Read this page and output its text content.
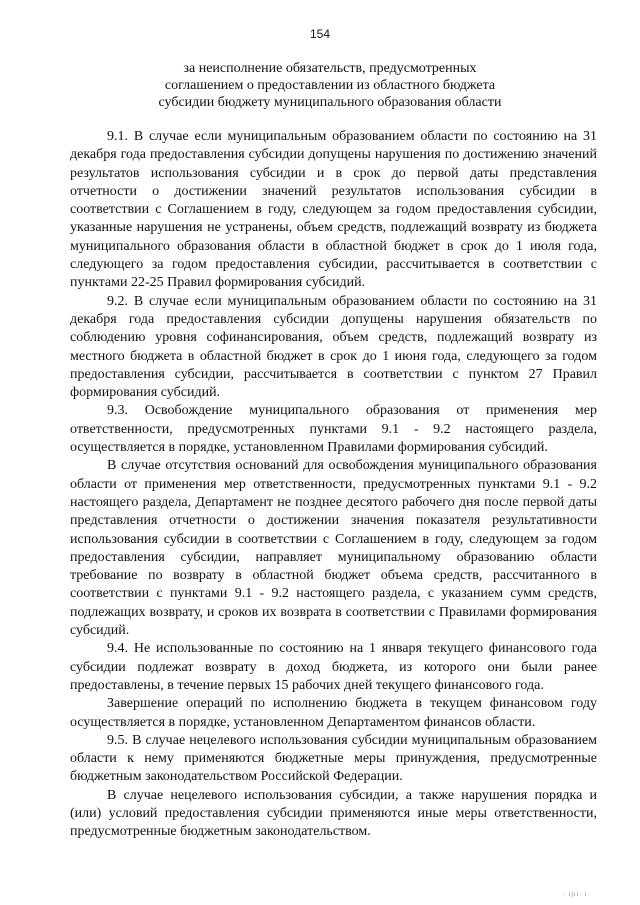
154
за неисполнение обязательств, предусмотренных
соглашением о предоставлении из областного бюджета
субсидии бюджету муниципального образования области

9.1. В случае если муниципальным образованием области по состоянию на 31 декабря года предоставления субсидии допущены нарушения по достижению значений результатов использования субсидии и в срок до первой даты представления отчетности о достижении значений результатов использования субсидии в соответствии с Соглашением в году, следующем за годом предоставления субсидии, указанные нарушения не устранены, объем средств, подлежащий возврату из бюджета муниципального образования области в областной бюджет в срок до 1 июля года, следующего за годом предоставления субсидии, рассчитывается в соответствии с пунктами 22-25 Правил формирования субсидий.

9.2. В случае если муниципальным образованием области по состоянию на 31 декабря года предоставления субсидии допущены нарушения обязательств по соблюдению уровня софинансирования, объем средств, подлежащий возврату из местного бюджета в областной бюджет в срок до 1 июня года, следующего за годом предоставления субсидии, рассчитывается в соответствии с пунктом 27 Правил формирования субсидий.

9.3. Освобождение муниципального образования от применения мер ответственности, предусмотренных пунктами 9.1 - 9.2 настоящего раздела, осуществляется в порядке, установленном Правилами формирования субсидий.

В случае отсутствия оснований для освобождения муниципального образования области от применения мер ответственности, предусмотренных пунктами 9.1 - 9.2 настоящего раздела, Департамент не позднее десятого рабочего дня после первой даты представления отчетности о достижении значения показателя результативности использования субсидии в соответствии с Соглашением в году, следующем за годом предоставления субсидии, направляет муниципальному образованию области требование по возврату в областной бюджет объема средств, рассчитанного в соответствии с пунктами 9.1 - 9.2 настоящего раздела, с указанием сумм средств, подлежащих возврату, и сроков их возврата в соответствии с Правилами формирования субсидий.

9.4. Не использованные по состоянию на 1 января текущего финансового года субсидии подлежат возврату в доход бюджета, из которого они были ранее предоставлены, в течение первых 15 рабочих дней текущего финансового года.

Завершение операций по исполнению бюджета в текущем финансовом году осуществляется в порядке, установленном Департаментом финансов области.

9.5. В случае нецелевого использования субсидии муниципальным образованием области к нему применяются бюджетные меры принуждения, предусмотренные бюджетным законодательством Российской Федерации.

В случае нецелевого использования субсидии, а также нарушения порядка и (или) условий предоставления субсидии применяются иные меры ответственности, предусмотренные бюджетным законодательством.

· ı|ıı· ı
